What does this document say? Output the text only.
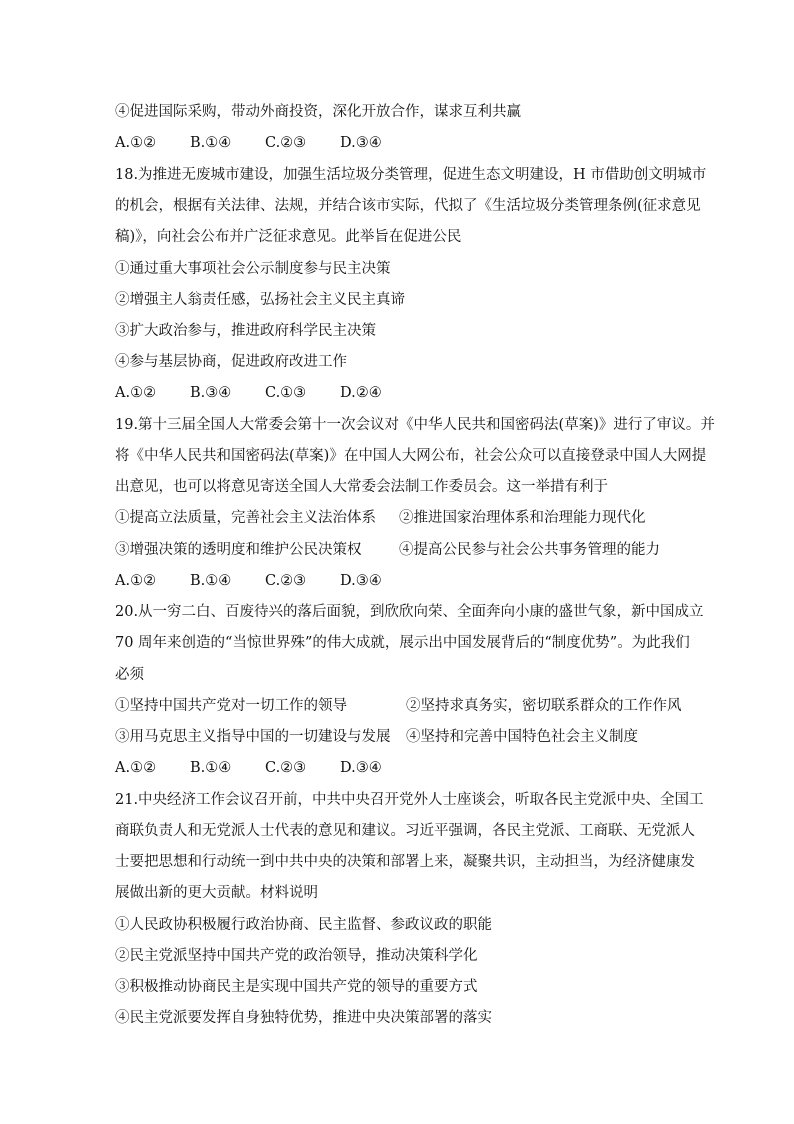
④促进国际采购，带动外商投资，深化开放合作，谋求互利共赢
A.①② B.①④ C.②③ D.③④
18.为推进无废城市建设，加强生活垃圾分类管理，促进生态文明建设，H 市借助创文明城市
的机会，根据有关法律、法规，并结合该市实际，代拟了《生活垃圾分类管理条例(征求意见
稿)》，向社会公布并广泛征求意见。此举旨在促进公民
①通过重大事项社会公示制度参与民主决策
②增强主人翁责任感，弘扬社会主义民主真谛
③扩大政治参与，推进政府科学民主决策
④参与基层协商，促进政府改进工作
A.①② B.③④ C.①③ D.②④
19.第十三届全国人大常委会第十一次会议对《中华人民共和国密码法(草案)》进行了审议。并
将《中华人民共和国密码法(草案)》在中国人大网公布，社会公众可以直接登录中国人大网提
出意见，也可以将意见寄送全国人大常委会法制工作委员会。这一举措有利于
①提高立法质量，完善社会主义法治体系 ②推进国家治理体系和治理能力现代化
③增强决策的透明度和维护公民决策权	④提高公民参与社会公共事务管理的能力
A.①② B.①④ C.②③ D.③④
20.从一穷二白、百废待兴的落后面貌，到欣欣向荣、全面奔向小康的盛世气象，新中国成立
70 周年来创造的“当惊世界殊”的伟大成就，展示出中国发展背后的“制度优势”。为此我们
必须
①坚持中国共产党对一切工作的领导	②坚持求真务实，密切联系群众的工作作风
③用马克思主义指导中国的一切建设与发展 ④坚持和完善中国特色社会主义制度
A.①② B.①④ C.②③ D.③④
21.中央经济工作会议召开前，中共中央召开党外人士座谈会，听取各民主党派中央、全国工
商联负责人和无党派人士代表的意见和建议。习近平强调，各民主党派、工商联、无党派人
士要把思想和行动统一到中共中央的决策和部署上来，凝聚共识，主动担当，为经济健康发
展做出新的更大贡献。材料说明
①人民政协积极履行政治协商、民主监督、参政议政的职能
②民主党派坚持中国共产党的政治领导，推动决策科学化
③积极推动协商民主是实现中国共产党的领导的重要方式
④民主党派要发挥自身独特优势，推进中央决策部署的落实
